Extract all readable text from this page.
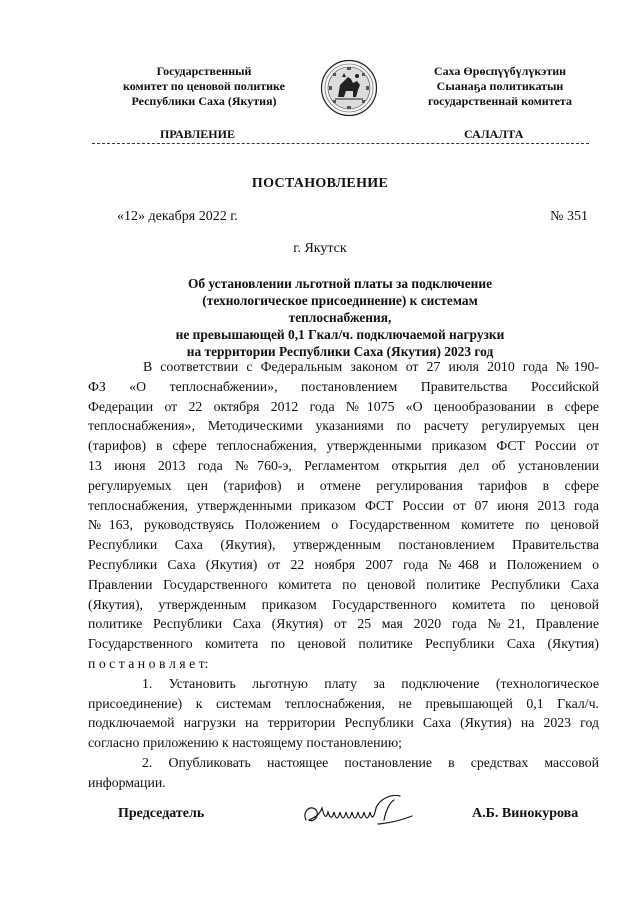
Государственный
комитет по ценовой политике
Республики Саха (Якутия)
Саха Өрөспүүбүлүкэтин
Сыанаҕа политикатын
государственнай комитета
ПРАВЛЕНИЕ	САЛАЛТА
ПОСТАНОВЛЕНИЕ
«12» декабря 2022 г.	№ 351
г. Якутск
Об установлении льготной платы за подключение
(технологическое присоединение) к системам теплоснабжения,
не превышающей 0,1 Гкал/ч. подключаемой нагрузки
на территории Республики Саха (Якутия) 2023 год
В соответствии с Федеральным законом от 27 июля 2010 года №190-
ФЗ «О теплоснабжении», постановлением Правительства Российской
Федерации от 22 октября 2012 года №1075 «О ценообразовании в сфере
теплоснабжения», Методическими указаниями по расчету регулируемых цен
(тарифов) в сфере теплоснабжения, утвержденными приказом ФСТ России от
13 июня 2013 года №760-э, Регламентом открытия дел об установлении
регулируемых цен (тарифов) и отмене регулирования тарифов в сфере
теплоснабжения, утвержденными приказом ФСТ России от 07 июня 2013 года
№163, руководствуясь Положением о Государственном комитете по ценовой
Республики Саха (Якутия), утвержденным постановлением Правительства
Республики Саха (Якутия) от 22 ноября 2007 года №468 и Положением о
Правлении Государственного комитета по ценовой политике Республики Саха
(Якутия), утвержденным приказом Государственного комитета по ценовой
политике Республики Саха (Якутия) от 25 мая 2020 года №21, Правление
Государственного комитета по ценовой политике Республики Саха (Якутия)
п о с т а н о в л я е т:
1. Установить льготную плату за подключение (технологическое
присоединение) к системам теплоснабжения, не превышающей 0,1 Гкал/ч.
подключаемой нагрузки на территории Республики Саха (Якутия) на 2023 год
согласно приложению к настоящему постановлению;
2. Опубликовать настоящее постановление в средствах массовой
информации.
Председатель	А.Б. Винокурова
